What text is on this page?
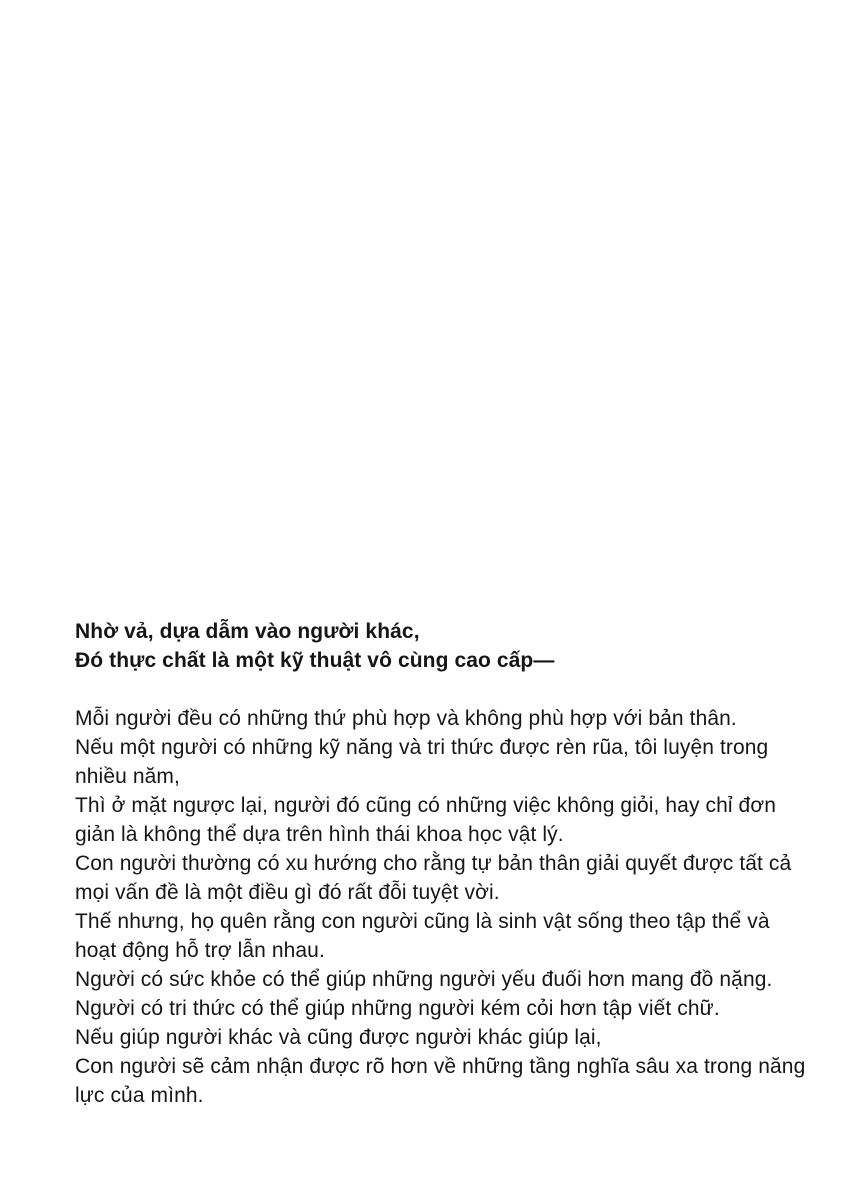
Nhờ vả, dựa dẫm vào người khác,
Đó thực chất là một kỹ thuật vô cùng cao cấp—
Mỗi người đều có những thứ phù hợp và không phù hợp với bản thân.
Nếu một người có những kỹ năng và tri thức được rèn rũa, tôi luyện trong
nhiều năm,
Thì ở mặt ngược lại, người đó cũng có những việc không giỏi, hay chỉ đơn
giản là không thể dựa trên hình thái khoa học vật lý.
Con người thường có xu hướng cho rằng tự bản thân giải quyết được tất cả
mọi vấn đề là một điều gì đó rất đỗi tuyệt vời.
Thế nhưng, họ quên rằng con người cũng là sinh vật sống theo tập thể và
hoạt động hỗ trợ lẫn nhau.
Người có sức khỏe có thể giúp những người yếu đuối hơn mang đồ nặng.
Người có tri thức có thể giúp những người kém cỏi hơn tập viết chữ.
Nếu giúp người khác và cũng được người khác giúp lại,
Con người sẽ cảm nhận được rõ hơn về những tầng nghĩa sâu xa trong năng
lực của mình.
